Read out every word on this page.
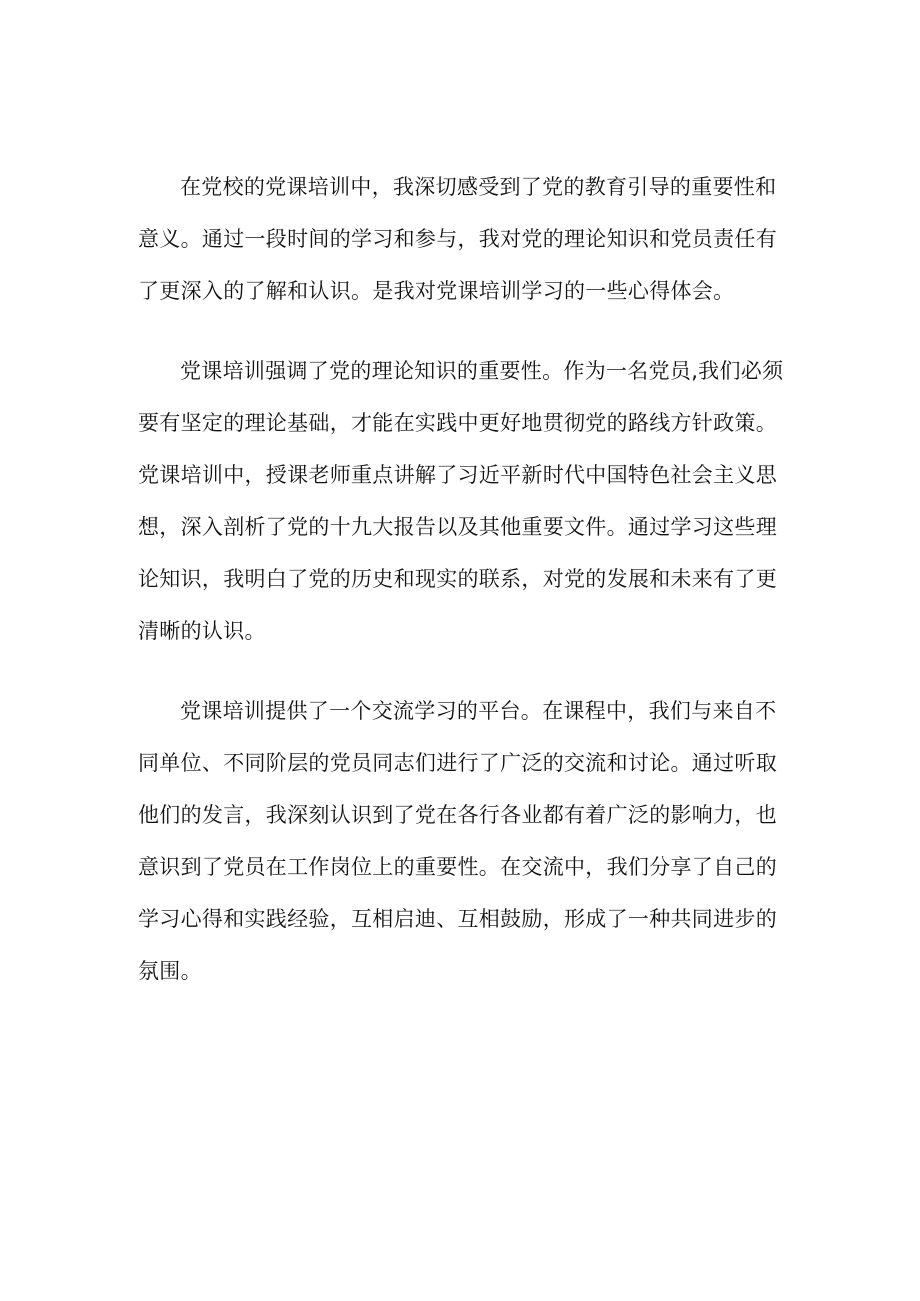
在党校的党课培训中，我深切感受到了党的教育引导的重要性和
意义。通过一段时间的学习和参与，我对党的理论知识和党员责任有
了更深入的了解和认识。是我对党课培训学习的一些心得体会。

党课培训强调了党的理论知识的重要性。作为一名党员,我们必须
要有坚定的理论基础，才能在实践中更好地贯彻党的路线方针政策。
党课培训中，授课老师重点讲解了习近平新时代中国特色社会主义思
想，深入剖析了党的十九大报告以及其他重要文件。通过学习这些理
论知识，我明白了党的历史和现实的联系，对党的发展和未来有了更
清晰的认识。

党课培训提供了一个交流学习的平台。在课程中，我们与来自不
同单位、不同阶层的党员同志们进行了广泛的交流和讨论。通过听取
他们的发言，我深刻认识到了党在各行各业都有着广泛的影响力，也
意识到了党员在工作岗位上的重要性。在交流中，我们分享了自己的
学习心得和实践经验，互相启迪、互相鼓励，形成了一种共同进步的
氛围。
